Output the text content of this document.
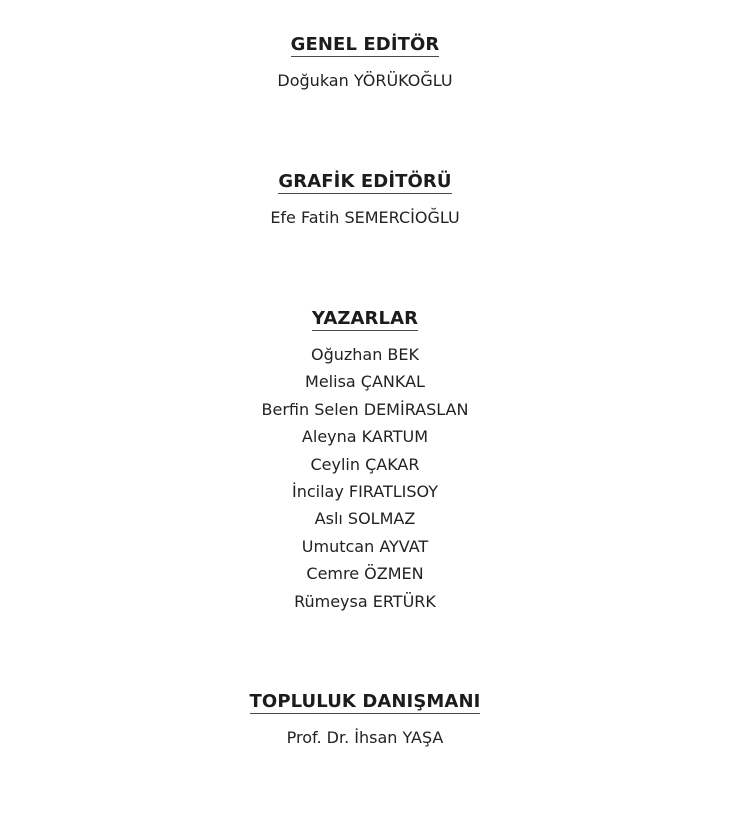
GENEL EDİTÖR
Doğukan YÖRÜKOĞLU
GRAFİK EDİTÖRÜ
Efe Fatih SEMERCİOĞLU
YAZARLAR
Oğuzhan BEK
Melisa ÇANKAL
Berfin Selen DEMİRASLAN
Aleyna KARTUM
Ceylin ÇAKAR
İncilay FIRATLISOY
Aslı SOLMAZ
Umutcan AYVAT
Cemre ÖZMEN
Rümeysa ERTÜRK
TOPLULUK DANIŞMANI
Prof. Dr. İhsan YAŞA
